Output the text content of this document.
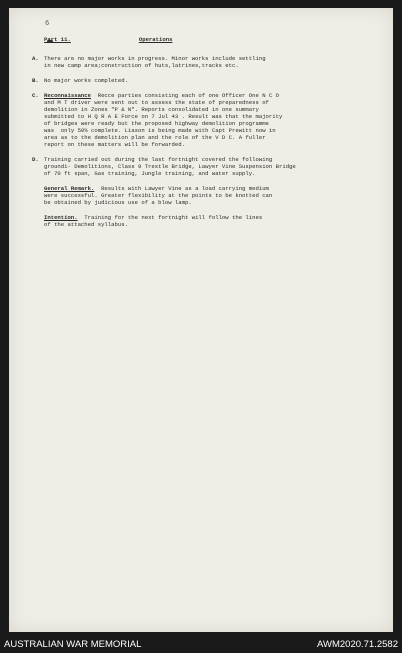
6
Part 11.	Operations
A. There are no major works in progress. Minor works include settling
in new camp area;construction of huts,latrines,tracks etc.
B. No major works completed.
C. Reconnaissance  Recce parties consisting each of one Officer One N C O
and M T driver were sent out to assess the state of preparedness of
demolition in Zones "P & N". Reports consolidated in one summary
submitted to H Q R A E Force on 7 Jul 43 . Result was that the majority
of bridges were ready but the proposed highway demolition programme
was  only 50% complete. Liason is being made with Capt Prewitt now in
area as to the demolition plan and the role of the V D C. A fuller
report on these matters will be forwarded.
D. Training carried out during the last fortnight covered the following
groundi- Demolitions, Class 9 Trestle Bridge, Lawyer Vine Suspension Bridge
of 70 ft span, Gas training, Jungle training, and water supply.
General Remark.  Results with Lawyer Vine as a load carrying medium
were successful. Greater flexibility at the points to be knotted can
be obtained by judicious use of a blow lamp.
Intention.  Training for the next fortnight will follow the lines
of the attached syllabus.
AUSTRALIAN WAR MEMORIAL	AWM2020.71.2582
